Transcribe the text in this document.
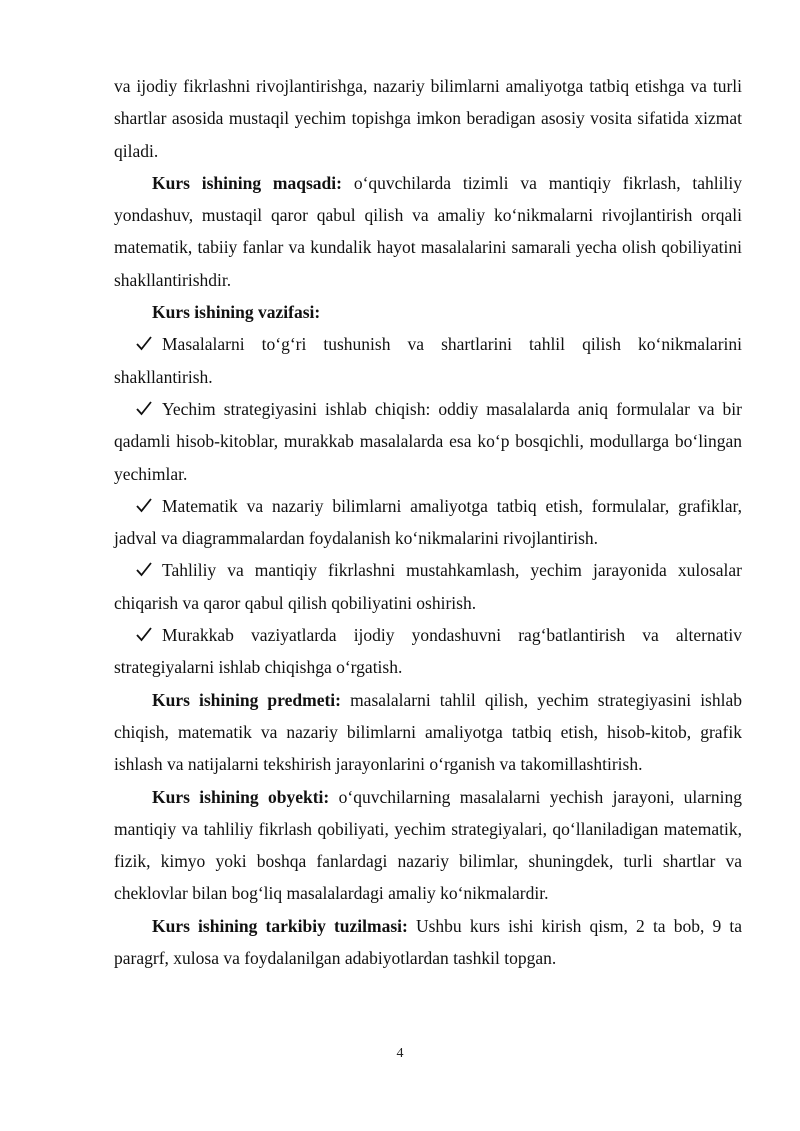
va ijodiy fikrlashni rivojlantirishga, nazariy bilimlarni amaliyotga tatbiq etishga va turli shartlar asosida mustaqil yechim topishga imkon beradigan asosiy vosita sifatida xizmat qiladi.

Kurs ishining maqsadi: o‘quvchilarda tizimli va mantiqiy fikrlash, tahliliy yondashuv, mustaqil qaror qabul qilish va amaliy ko‘nikmalarni rivojlantirish orqali matematik, tabiiy fanlar va kundalik hayot masalalarini samarali yecha olish qobiliyatini shakllantirishdir.

Kurs ishining vazifasi:

Masalalarni to‘g‘ri tushunish va shartlarini tahlil qilish ko‘nikmalarini shakllantirish.

Yechim strategiyasini ishlab chiqish: oddiy masalalarda aniq formulalar va bir qadamli hisob-kitoblar, murakkab masalalarda esa ko‘p bosqichli, modullarga bo‘lingan yechimlar.

Matematik va nazariy bilimlarni amaliyotga tatbiq etish, formulalar, grafiklar, jadval va diagrammalardan foydalanish ko‘nikmalarini rivojlantirish.

Tahliliy va mantiqiy fikrlashni mustahkamlash, yechim jarayonida xulosalar chiqarish va qaror qabul qilish qobiliyatini oshirish.

Murakkab vaziyatlarda ijodiy yondashuvni rag‘batlantirish va alternativ strategiyalarni ishlab chiqishga o‘rgatish.

Kurs ishining predmeti: masalalarni tahlil qilish, yechim strategiyasini ishlab chiqish, matematik va nazariy bilimlarni amaliyotga tatbiq etish, hisob-kitob, grafik ishlash va natijalarni tekshirish jarayonlarini o‘rganish va takomillashtirish.

Kurs ishining obyekti: o‘quvchilarning masalalarni yechish jarayoni, ularning mantiqiy va tahliliy fikrlash qobiliyati, yechim strategiyalari, qo‘llaniladigan matematik, fizik, kimyo yoki boshqa fanlardagi nazariy bilimlar, shuningdek, turli shartlar va cheklovlar bilan bog‘liq masalalardagi amaliy ko‘nikmalardir.

Kurs ishining tarkibiy tuzilmasi: Ushbu kurs ishi kirish qism, 2 ta bob, 9 ta paragrf, xulosa va foydalanilgan adabiyotlardan tashkil topgan.

4
